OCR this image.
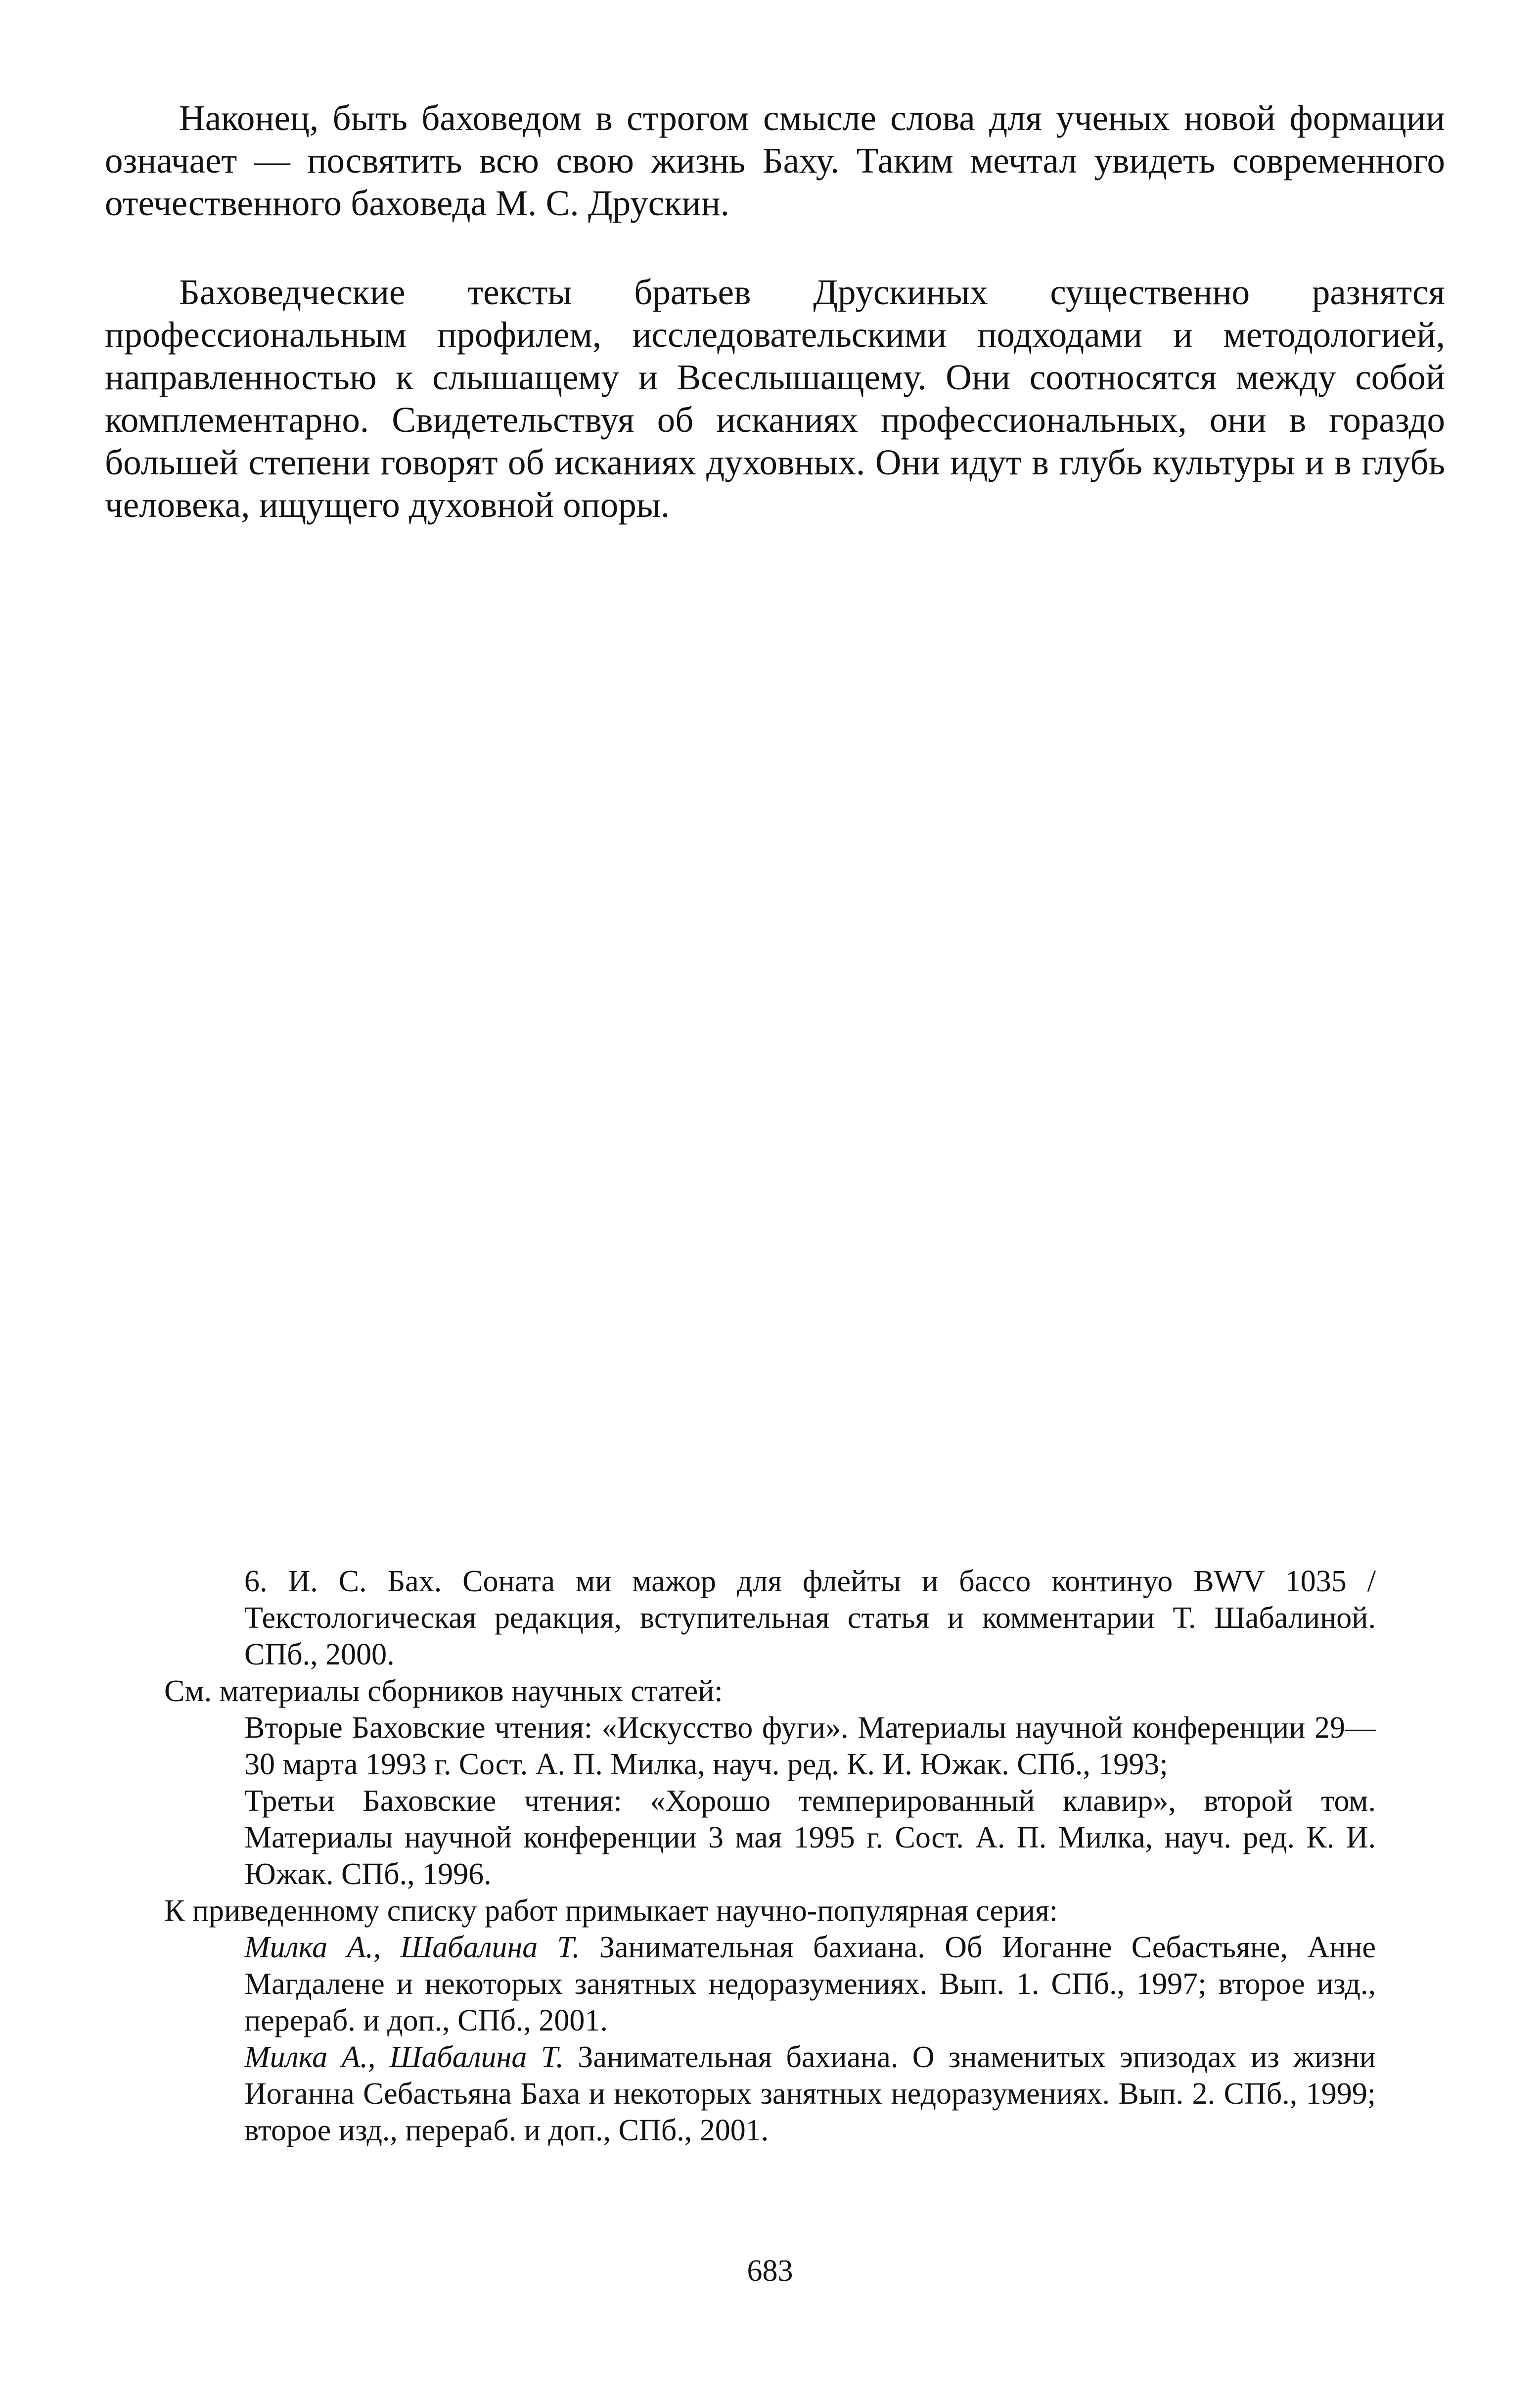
Наконец, быть баховедом в строгом смысле слова для ученых новой формации означает — посвятить всю свою жизнь Баху. Таким мечтал увидеть современного отечественного баховеда М. С. Друскин.

Баховедческие тексты братьев Друскиных существенно разнятся профессиональным профилем, исследовательскими подходами и методологией, направленностью к слышащему и Всеслышащему. Они соотносятся между собой комплементарно. Свидетельствуя об исканиях профессиональных, они в гораздо большей степени говорят об исканиях духовных. Они идут в глубь культуры и в глубь человека, ищущего духовной опоры.

6. И. С. Бах. Соната ми мажор для флейты и бассо континуо BWV 1035 / Текстологическая редакция, вступительная статья и комментарии Т. Шабалиной. СПб., 2000.

См. материалы сборников научных статей:

Вторые Баховские чтения: «Искусство фуги». Материалы научной конференции 29—30 марта 1993 г. Сост. А. П. Милка, науч. ред. К. И. Южак. СПб., 1993;

Третьи Баховские чтения: «Хорошо темперированный клавир», второй том. Материалы научной конференции 3 мая 1995 г. Сост. А. П. Милка, науч. ред. К. И. Южак. СПб., 1996.

К приведенному списку работ примыкает научно-популярная серия:

Милка А., Шабалина Т. Занимательная бахиана. Об Иоганне Себастьяне, Анне Магдалене и некоторых занятных недоразумениях. Вып. 1. СПб., 1997; второе изд., перераб. и доп., СПб., 2001.

Милка А., Шабалина Т. Занимательная бахиана. О знаменитых эпизодах из жизни Иоганна Себастьяна Баха и некоторых занятных недоразумениях. Вып. 2. СПб., 1999; второе изд., перераб. и доп., СПб., 2001.

683
